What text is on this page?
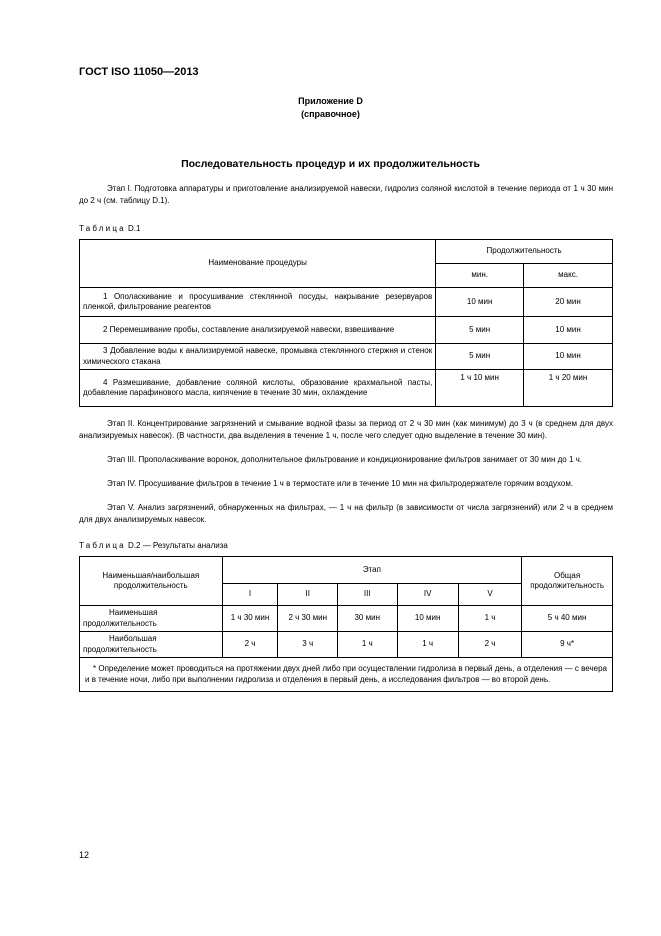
ГОСТ ISO 11050—2013
Приложение D
(справочное)
Последовательность процедур и их продолжительность
Этап I. Подготовка аппаратуры и приготовление анализируемой навески, гидролиз соляной кислотой в течение периода от 1 ч 30 мин до 2 ч (см. таблицу D.1).
Таблица D.1
Наименование процедуры	Продолжительность	
	мин.	макс.
1 Ополаскивание и просушивание стеклянной посуды, накрывание резервуаров пленкой, фильтрование реагентов	10 мин	20 мин
2 Перемешивание пробы, составление анализируемой навески, взвешивание	5 мин	10 мин
3 Добавление воды к анализируемой навеске, промывка стеклянного стержня и стенок химического стакана	5 мин	10 мин
4 Размешивание, добавление соляной кислоты, образование крахмальной пасты, добавление парафинового масла, кипячение в течение 30 мин, охлаждение	1 ч 10 мин	1 ч 20 мин
Этап II. Концентрирование загрязнений и смывание водной фазы за период от 2 ч 30 мин (как минимум) до 3 ч (в среднем для двух анализируемых навесок). (В частности, два выделения в течение 1 ч, после чего следует одно выделение в течение 30 мин).
Этап III. Прополаскивание воронок, дополнительное фильтрование и кондиционирование фильтров занимает от 30 мин до 1 ч.
Этап IV. Просушивание фильтров в течение 1 ч в термостате или в течение 10 мин на фильтродержателе горячим воздухом.
Этап V. Анализ загрязнений, обнаруженных на фильтрах, — 1 ч на фильтр (в зависимости от числа загрязнений) или 2 ч в среднем для двух анализируемых навесок.
Таблица D.2 — Результаты анализа
Наименьшая/наибольшая продолжительность	Этап					Общая продолжительность
	I	II	III	IV	V	
Наименьшая продолжительность	1 ч 30 мин	2 ч 30 мин	30 мин	10 мин	1 ч	5 ч 40 мин
Наибольшая продолжительность	2 ч	3 ч	1 ч	1 ч	2 ч	9 ч*
* Определение может проводиться на протяжении двух дней либо при осуществлении гидролиза в первый день, а отделения — с вечера и в течение ночи, либо при выполнении гидролиза и отделения в первый день, а исследования фильтров — во второй день.						
12
